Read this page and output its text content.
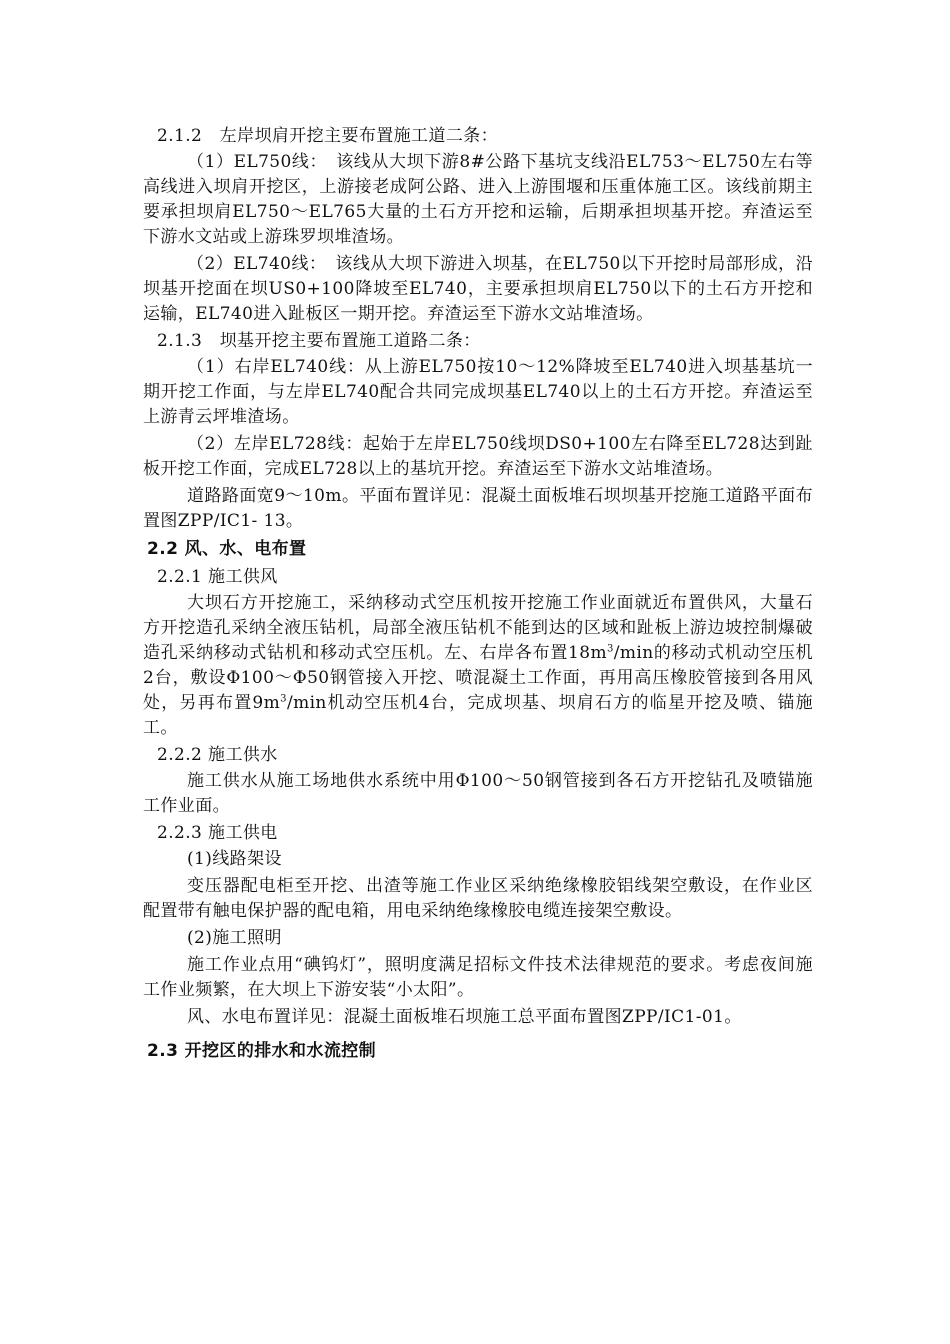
2.1.2　左岸坝肩开挖主要布置施工道二条：

（1）EL750线：　该线从大坝下游8#公路下基坑支线沿EL753～EL750左右等高线进入坝肩开挖区，上游接老成阿公路、进入上游围堰和压重体施工区。该线前期主要承担坝肩EL750～EL765大量的土石方开挖和运输，后期承担坝基开挖。弃渣运至下游水文站或上游珠罗坝堆渣场。

（2）EL740线：　该线从大坝下游进入坝基，在EL750以下开挖时局部形成，沿坝基开挖面在坝US0+100降坡至EL740，主要承担坝肩EL750以下的土石方开挖和运输，EL740进入趾板区一期开挖。弃渣运至下游水文站堆渣场。

2.1.3　坝基开挖主要布置施工道路二条：

（1）右岸EL740线：从上游EL750按10～12%降坡至EL740进入坝基基坑一期开挖工作面，与左岸EL740配合共同完成坝基EL740以上的土石方开挖。弃渣运至上游青云坪堆渣场。

（2）左岸EL728线：起始于左岸EL750线坝DS0+100左右降至EL728达到趾板开挖工作面，完成EL728以上的基坑开挖。弃渣运至下游水文站堆渣场。

道路路面宽9～10m。平面布置详见：混凝土面板堆石坝坝基开挖施工道路平面布置图ZPP/IC1- 13。

2.2 风、水、电布置

2.2.1 施工供风

大坝石方开挖施工，采纳移动式空压机按开挖施工作业面就近布置供风，大量石方开挖造孔采纳全液压钻机，局部全液压钻机不能到达的区域和趾板上游边坡控制爆破造孔采纳移动式钻机和移动式空压机。左、右岸各布置$18m^3/\min$的移动式机动空压机2台，敷设Φ100～Φ50钢管接入开挖、喷混凝土工作面，再用高压橡胶管接到各用风处，另再布置$9m^3/\min$机动空压机4台，完成坝基、坝肩石方的临星开挖及喷、锚施工。

2.2.2 施工供水

施工供水从施工场地供水系统中用Φ100～50钢管接到各石方开挖钻孔及喷锚施工作业面。

2.2.3 施工供电

(1)线路架设

变压器配电柜至开挖、出渣等施工作业区采纳绝缘橡胶铝线架空敷设，在作业区配置带有触电保护器的配电箱，用电采纳绝缘橡胶电缆连接架空敷设。

(2)施工照明

施工作业点用“碘钨灯”，照明度满足招标文件技术法律规范的要求。考虑夜间施工作业频繁，在大坝上下游安装“小太阳”。

风、水电布置详见：混凝土面板堆石坝施工总平面布置图ZPP/IC1-01。

2.3 开挖区的排水和水流控制
